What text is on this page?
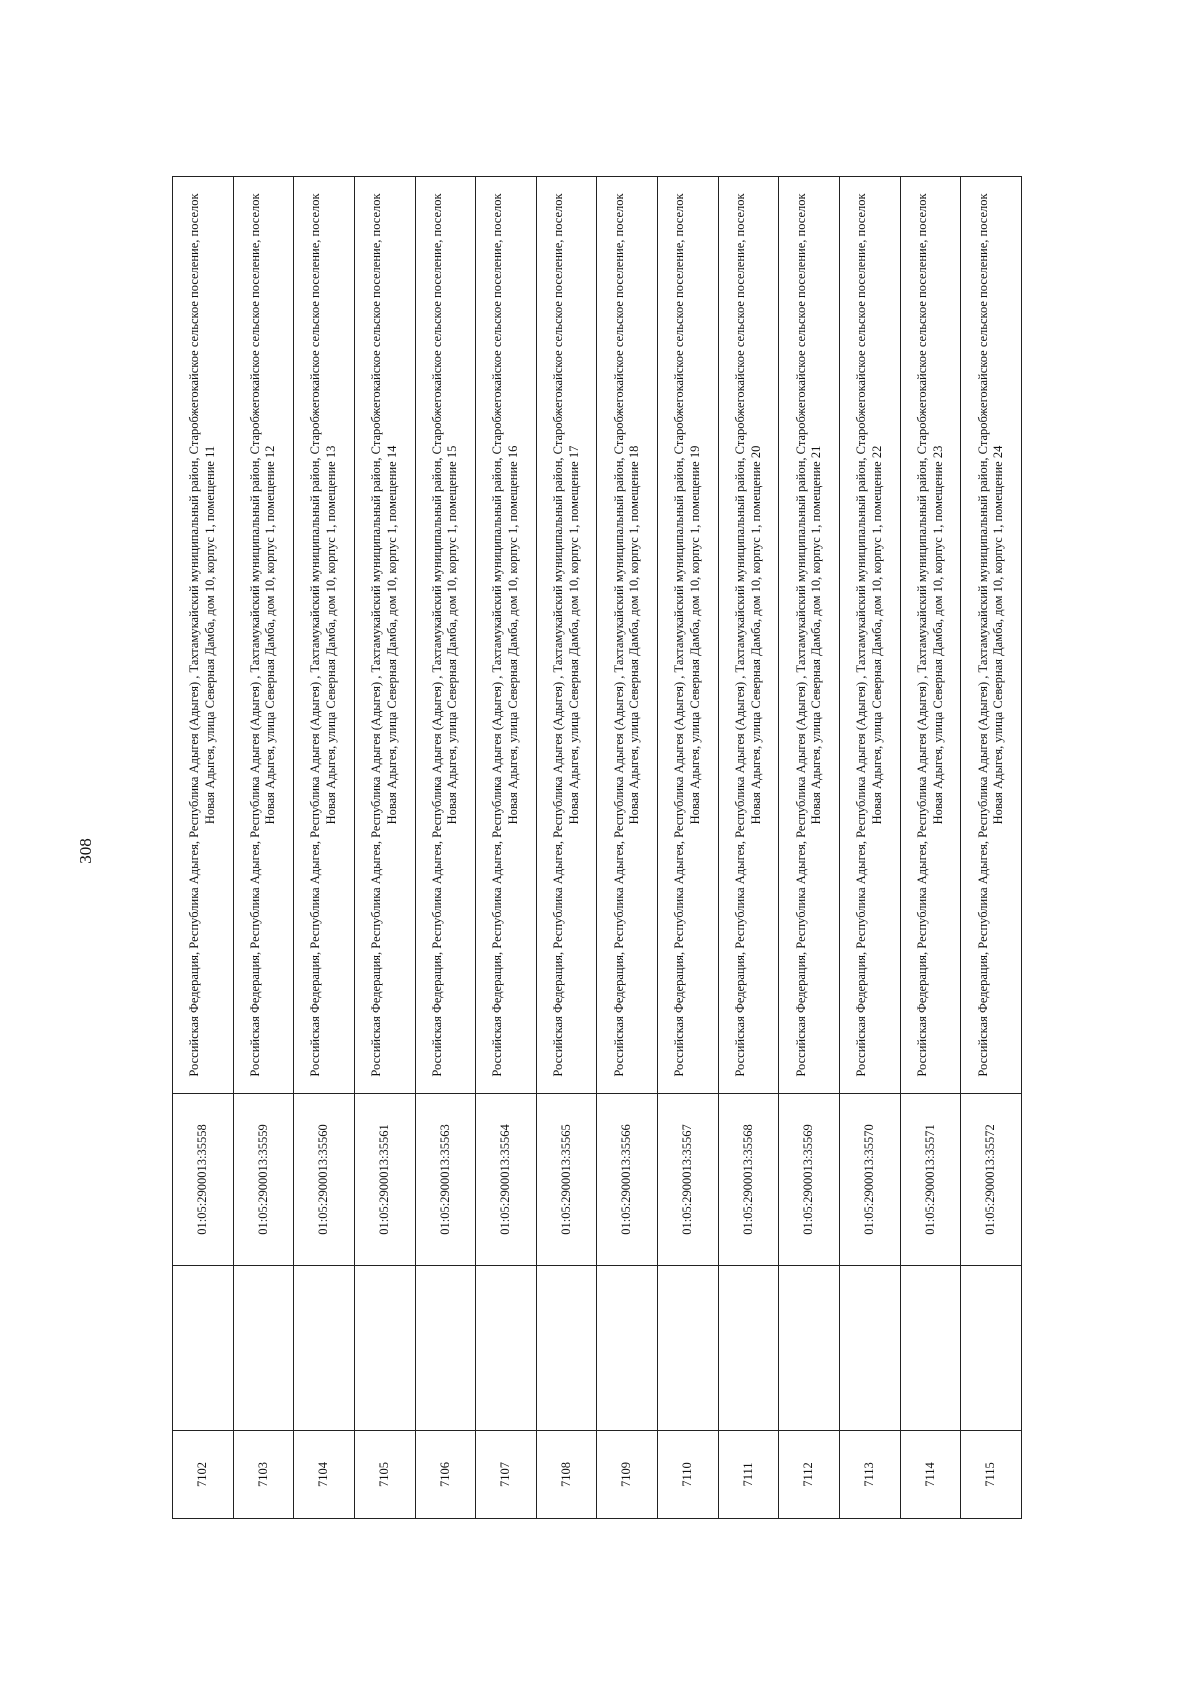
308
7102		01:05:2900013:35558	Российская Федерация, Республика Адыгея, Республика Адыгея (Адыгея) , Тахтамукайский муниципальный район, Старобжегокайское сельское поселение, поселок Новая Адыгея, улица Северная Дамба, дом 10, корпус 1, помещение 11
7103		01:05:2900013:35559	Российская Федерация, Республика Адыгея, Республика Адыгея (Адыгея) , Тахтамукайский муниципальный район, Старобжегокайское сельское поселение, поселок Новая Адыгея, улица Северная Дамба, дом 10, корпус 1, помещение 12
7104		01:05:2900013:35560	Российская Федерация, Республика Адыгея, Республика Адыгея (Адыгея) , Тахтамукайский муниципальный район, Старобжегокайское сельское поселение, поселок Новая Адыгея, улица Северная Дамба, дом 10, корпус 1, помещение 13
7105		01:05:2900013:35561	Российская Федерация, Республика Адыгея, Республика Адыгея (Адыгея) , Тахтамукайский муниципальный район, Старобжегокайское сельское поселение, поселок Новая Адыгея, улица Северная Дамба, дом 10, корпус 1, помещение 14
7106		01:05:2900013:35563	Российская Федерация, Республика Адыгея, Республика Адыгея (Адыгея) , Тахтамукайский муниципальный район, Старобжегокайское сельское поселение, поселок Новая Адыгея, улица Северная Дамба, дом 10, корпус 1, помещение 15
7107		01:05:2900013:35564	Российская Федерация, Республика Адыгея, Республика Адыгея (Адыгея) , Тахтамукайский муниципальный район, Старобжегокайское сельское поселение, поселок Новая Адыгея, улица Северная Дамба, дом 10, корпус 1, помещение 16
7108		01:05:2900013:35565	Российская Федерация, Республика Адыгея, Республика Адыгея (Адыгея) , Тахтамукайский муниципальный район, Старобжегокайское сельское поселение, поселок Новая Адыгея, улица Северная Дамба, дом 10, корпус 1, помещение 17
7109		01:05:2900013:35566	Российская Федерация, Республика Адыгея, Республика Адыгея (Адыгея) , Тахтамукайский муниципальный район, Старобжегокайское сельское поселение, поселок Новая Адыгея, улица Северная Дамба, дом 10, корпус 1, помещение 18
7110		01:05:2900013:35567	Российская Федерация, Республика Адыгея, Республика Адыгея (Адыгея) , Тахтамукайский муниципальный район, Старобжегокайское сельское поселение, поселок Новая Адыгея, улица Северная Дамба, дом 10, корпус 1, помещение 19
7111		01:05:2900013:35568	Российская Федерация, Республика Адыгея, Республика Адыгея (Адыгея) , Тахтамукайский муниципальный район, Старобжегокайское сельское поселение, поселок Новая Адыгея, улица Северная Дамба, дом 10, корпус 1, помещение 20
7112		01:05:2900013:35569	Российская Федерация, Республика Адыгея, Республика Адыгея (Адыгея) , Тахтамукайский муниципальный район, Старобжегокайское сельское поселение, поселок Новая Адыгея, улица Северная Дамба, дом 10, корпус 1, помещение 21
7113		01:05:2900013:35570	Российская Федерация, Республика Адыгея, Республика Адыгея (Адыгея) , Тахтамукайский муниципальный район, Старобжегокайское сельское поселение, поселок Новая Адыгея, улица Северная Дамба, дом 10, корпус 1, помещение 22
7114		01:05:2900013:35571	Российская Федерация, Республика Адыгея, Республика Адыгея (Адыгея) , Тахтамукайский муниципальный район, Старобжегокайское сельское поселение, поселок Новая Адыгея, улица Северная Дамба, дом 10, корпус 1, помещение 23
7115		01:05:2900013:35572	Российская Федерация, Республика Адыгея, Республика Адыгея (Адыгея) , Тахтамукайский муниципальный район, Старобжегокайское сельское поселение, поселок Новая Адыгея, улица Северная Дамба, дом 10, корпус 1, помещение 24
